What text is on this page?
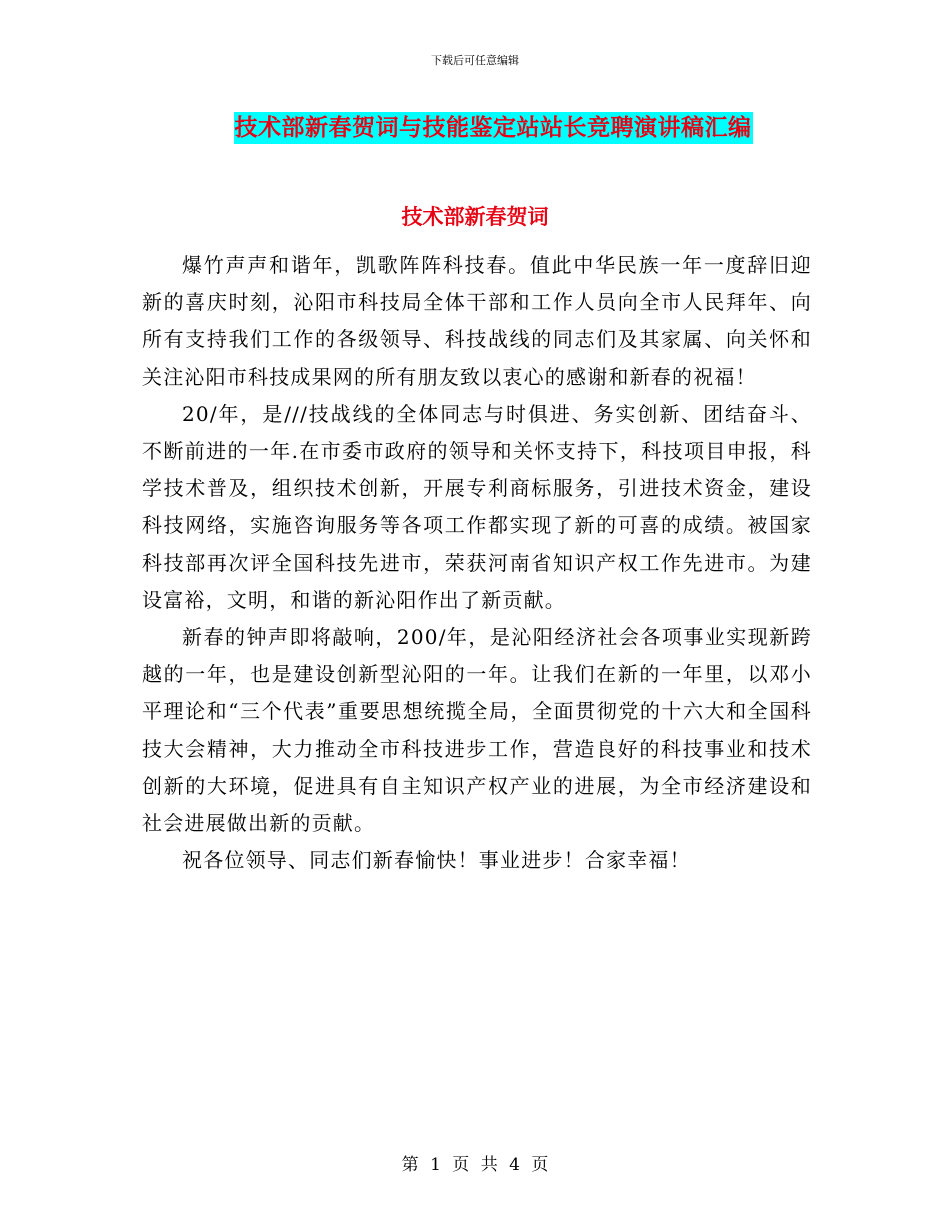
下载后可任意编辑
技术部新春贺词与技能鉴定站站长竞聘演讲稿汇编
技术部新春贺词

爆竹声声和谐年，凯歌阵阵科技春。值此中华民族一年一度辞旧迎新的喜庆时刻，沁阳市科技局全体干部和工作人员向全市人民拜年、向所有支持我们工作的各级领导、科技战线的同志们及其家属、向关怀和关注沁阳市科技成果网的所有朋友致以衷心的感谢和新春的祝福！

20/年，是///技战线的全体同志与时俱进、务实创新、团结奋斗、不断前进的一年.在市委市政府的领导和关怀支持下，科技项目申报，科学技术普及，组织技术创新，开展专利商标服务，引进技术资金，建设科技网络，实施咨询服务等各项工作都实现了新的可喜的成绩。被国家科技部再次评全国科技先进市，荣获河南省知识产权工作先进市。为建设富裕，文明，和谐的新沁阳作出了新贡献。

新春的钟声即将敲响，200/年，是沁阳经济社会各项事业实现新跨越的一年，也是建设创新型沁阳的一年。让我们在新的一年里，以邓小平理论和“三个代表”重要思想统揽全局，全面贯彻党的十六大和全国科技大会精神，大力推动全市科技进步工作，营造良好的科技事业和技术创新的大环境，促进具有自主知识产权产业的进展，为全市经济建设和社会进展做出新的贡献。

祝各位领导、同志们新春愉快！事业进步！合家幸福！

第 1 页 共 4 页
